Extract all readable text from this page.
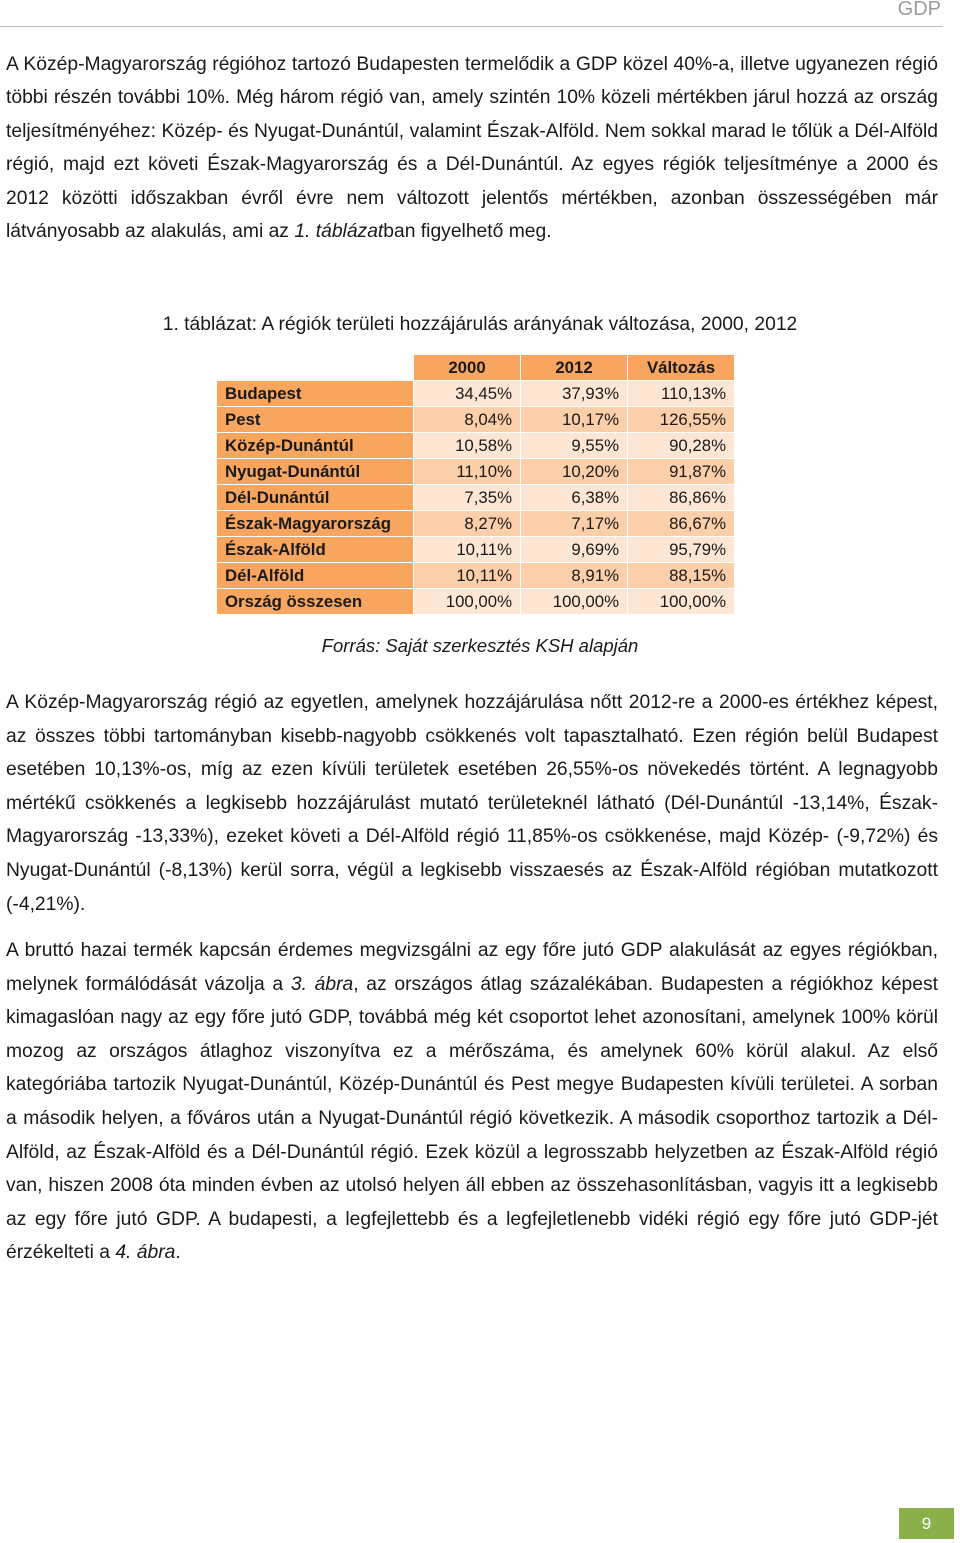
GDP

A Közép-Magyarország régióhoz tartozó Budapesten termelődik a GDP közel 40%-a, illetve ugyanezen régió többi részén további 10%. Még három régió van, amely szintén 10% közeli mértékben járul hozzá az ország teljesítményéhez: Közép- és Nyugat-Dunántúl, valamint Észak-Alföld. Nem sokkal marad le tőlük a Dél-Alföld régió, majd ezt követi Észak-Magyarország és a Dél-Dunántúl. Az egyes régiók teljesítménye a 2000 és 2012 közötti időszakban évről évre nem változott jelentős mértékben, azonban összességében már látványosabb az alakulás, ami az 1. táblázatban figyelhető meg.

1. táblázat: A régiók területi hozzájárulás arányának változása, 2000, 2012
	2000	2012	Változás
Budapest	34,45%	37,93%	110,13%
Pest	8,04%	10,17%	126,55%
Közép-Dunántúl	10,58%	9,55%	90,28%
Nyugat-Dunántúl	11,10%	10,20%	91,87%
Dél-Dunántúl	7,35%	6,38%	86,86%
Észak-Magyarország	8,27%	7,17%	86,67%
Észak-Alföld	10,11%	9,69%	95,79%
Dél-Alföld	10,11%	8,91%	88,15%
Ország összesen	100,00%	100,00%	100,00%
Forrás: Saját szerkesztés KSH alapján

A Közép-Magyarország régió az egyetlen, amelynek hozzájárulása nőtt 2012-re a 2000-es értékhez képest, az összes többi tartományban kisebb-nagyobb csökkenés volt tapasztalható. Ezen régión belül Budapest esetében 10,13%-os, míg az ezen kívüli területek esetében 26,55%-os növekedés történt. A legnagyobb mértékű csökkenés a legkisebb hozzájárulást mutató területeknél látható (Dél-Dunántúl -13,14%, Észak-Magyarország -13,33%), ezeket követi a Dél-Alföld régió 11,85%-os csökkenése, majd Közép- (-9,72%) és Nyugat-Dunántúl (-8,13%) kerül sorra, végül a legkisebb visszaesés az Észak-Alföld régióban mutatkozott (-4,21%).

A bruttó hazai termék kapcsán érdemes megvizsgálni az egy főre jutó GDP alakulását az egyes régiókban, melynek formálódását vázolja a 3. ábra, az országos átlag százalékában. Budapesten a régiókhoz képest kimagaslóan nagy az egy főre jutó GDP, továbbá még két csoportot lehet azonosítani, amelynek 100% körül mozog az országos átlaghoz viszonyítva ez a mérőszáma, és amelynek 60% körül alakul. Az első kategóriába tartozik Nyugat-Dunántúl, Közép-Dunántúl és Pest megye Budapesten kívüli területei. A sorban a második helyen, a főváros után a Nyugat-Dunántúl régió következik. A második csoporthoz tartozik a Dél-Alföld, az Észak-Alföld és a Dél-Dunántúl régió. Ezek közül a legrosszabb helyzetben az Észak-Alföld régió van, hiszen 2008 óta minden évben az utolsó helyen áll ebben az összehasonlításban, vagyis itt a legkisebb az egy főre jutó GDP. A budapesti, a legfejlettebb és a legfejletlenebb vidéki régió egy főre jutó GDP-jét érzékelteti a 4. ábra.

9
